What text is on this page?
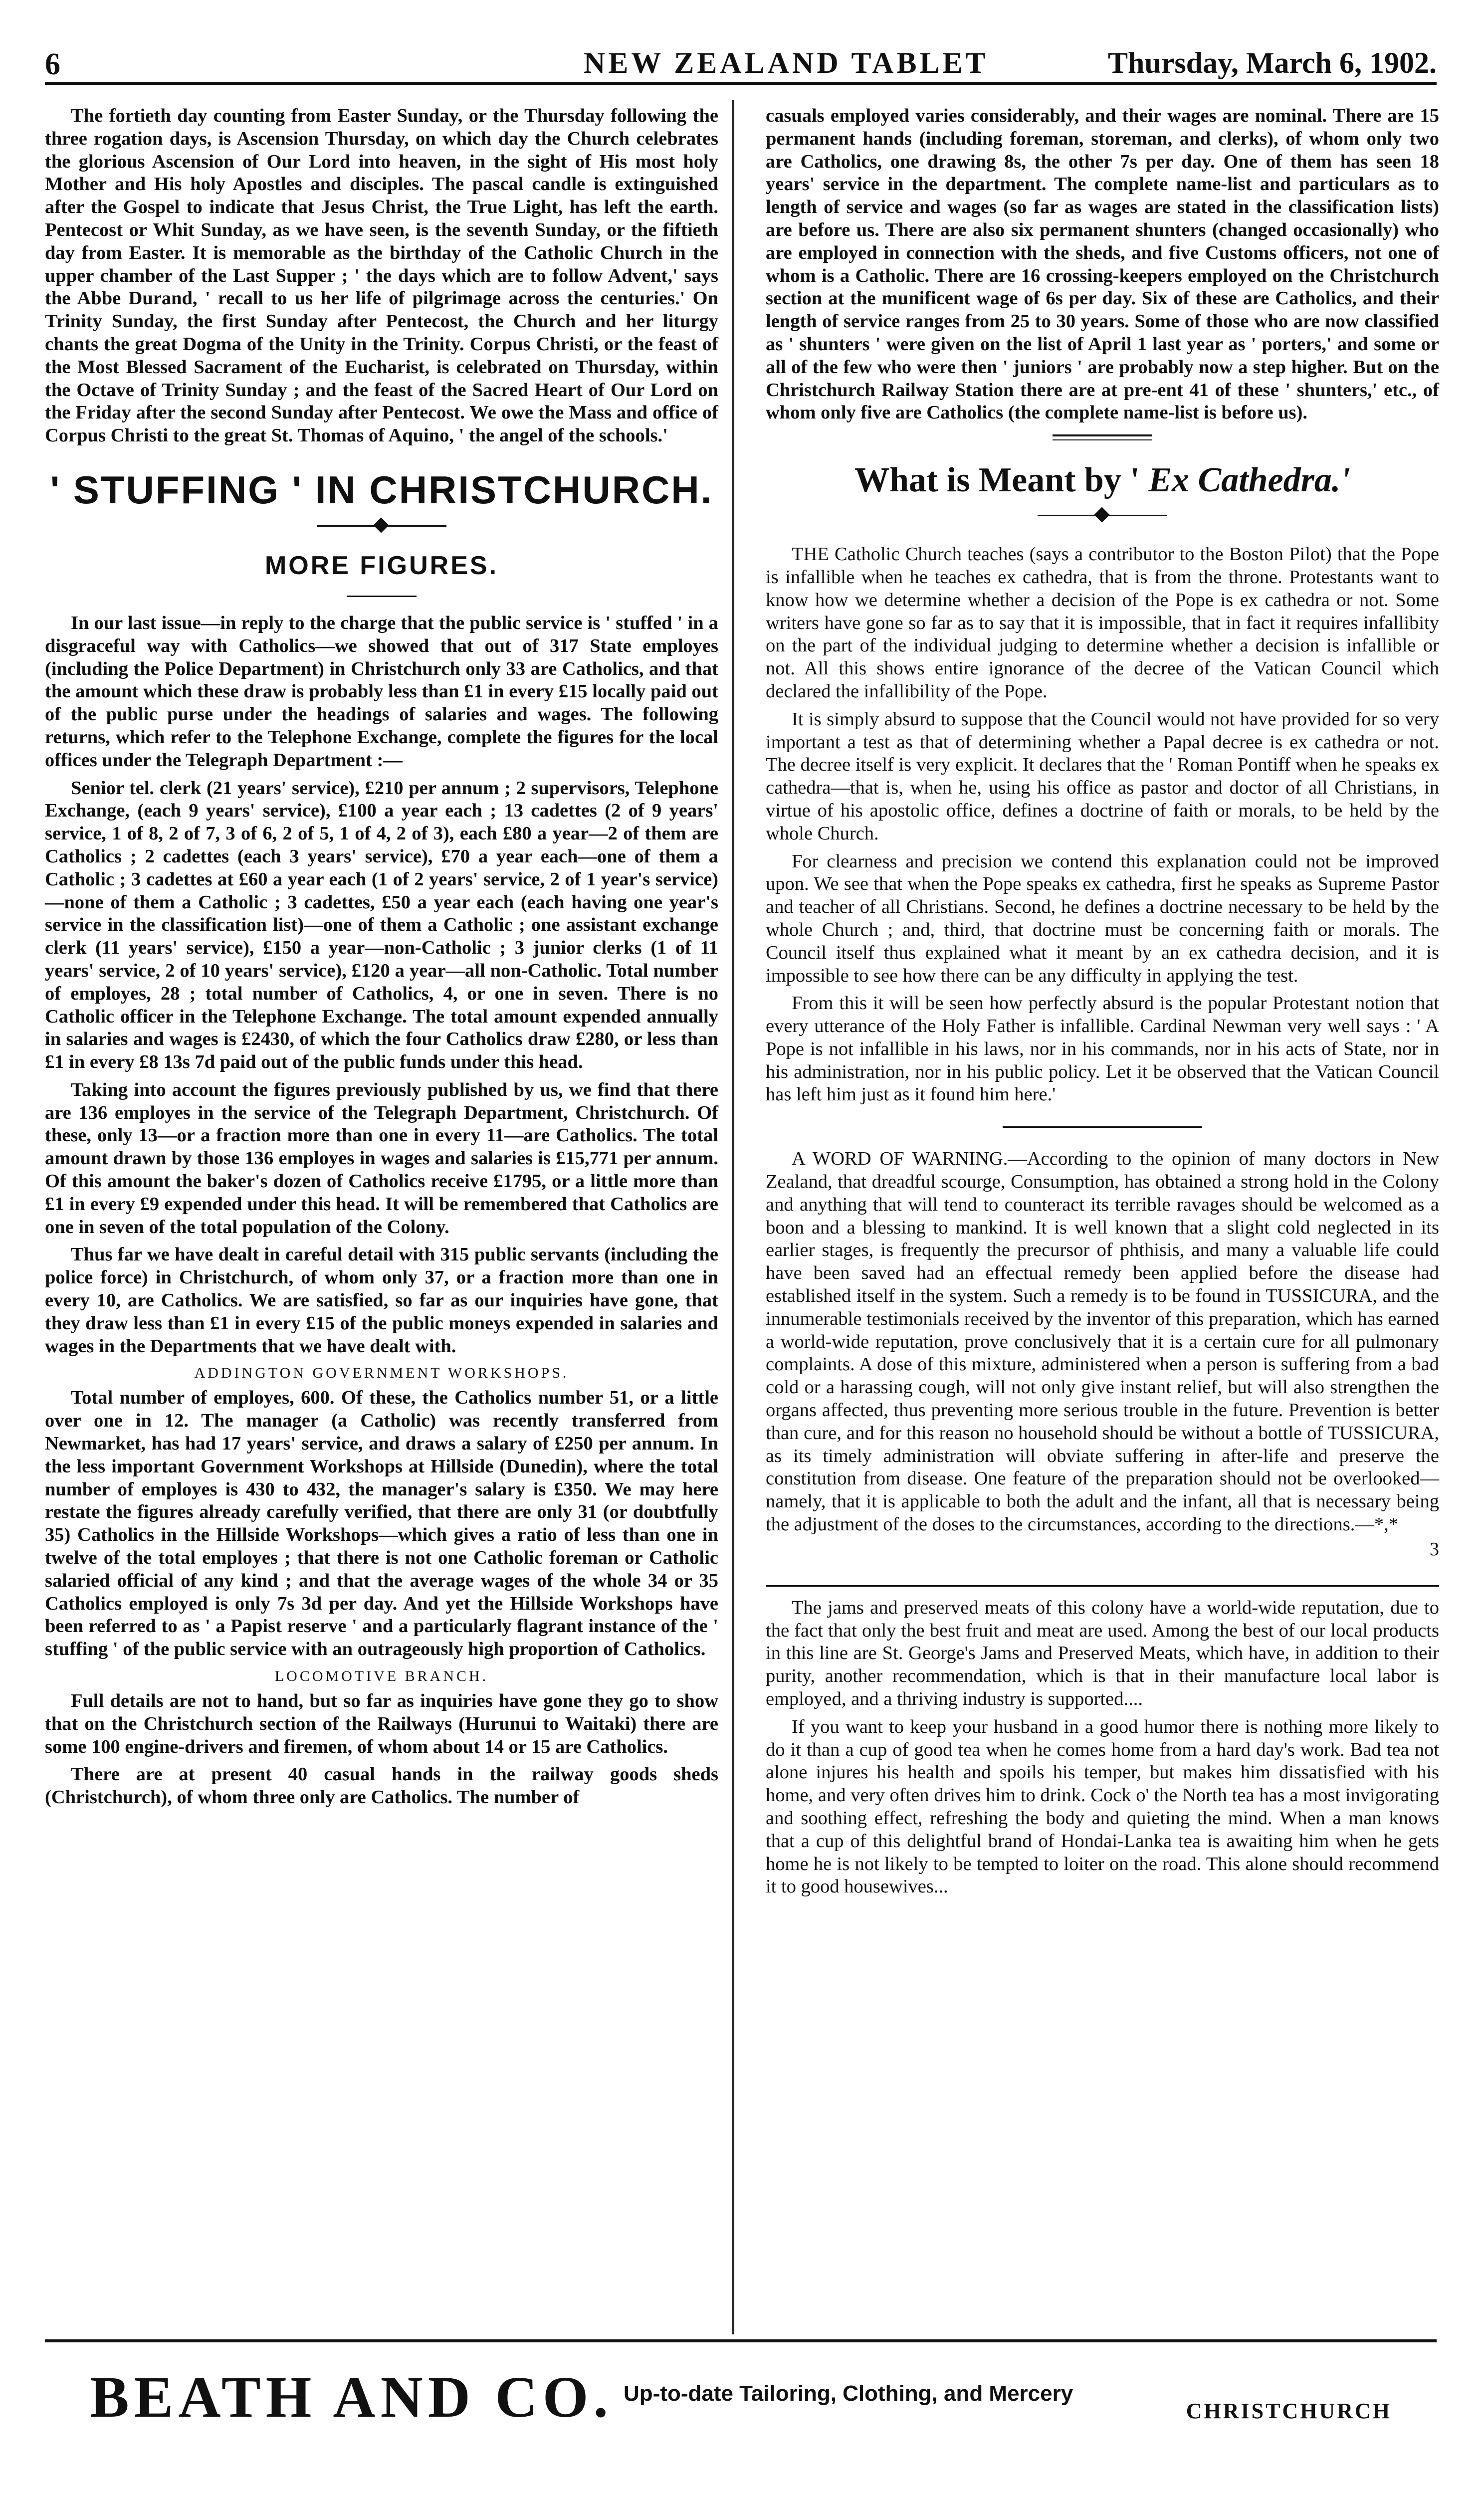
6	NEW ZEALAND TABLET	Thursday, March 6, 1902.

The fortieth day counting from Easter Sunday, or the Thursday following the three rogation days, is Ascension Thursday, on which day the Church celebrates the glorious Ascension of Our Lord into heaven, in the sight of His most holy Mother and His holy Apostles and disciples. The pascal candle is extinguished after the Gospel to indicate that Jesus Christ, the True Light, has left the earth. Pentecost or Whit Sunday, as we have seen, is the seventh Sunday, or the fiftieth day from Easter. It is memorable as the birthday of the Catholic Church in the upper chamber of the Last Supper ; ' the days which are to follow Advent,' says the Abbe Durand, ' recall to us her life of pilgrimage across the centuries.' On Trinity Sunday, the first Sunday after Pentecost, the Church and her liturgy chants the great Dogma of the Unity in the Trinity. Corpus Christi, or the feast of the Most Blessed Sacrament of the Eucharist, is celebrated on Thursday, within the Octave of Trinity Sunday ; and the feast of the Sacred Heart of Our Lord on the Friday after the second Sunday after Pentecost. We owe the Mass and office of Corpus Christi to the great St. Thomas of Aquino, ' the angel of the schools.'

' STUFFING ' IN CHRISTCHURCH.
MORE FIGURES.

In our last issue—in reply to the charge that the public service is ' stuffed ' in a disgraceful way with Catholics—we showed that out of 317 State employes (including the Police Department) in Christchurch only 33 are Catholics, and that the amount which these draw is probably less than £1 in every £15 locally paid out of the public purse under the headings of salaries and wages. The following returns, which refer to the Telephone Exchange, complete the figures for the local offices under the Telegraph Department :—

Senior tel. clerk (21 years' service), £210 per annum ; 2 supervisors, Telephone Exchange, (each 9 years' service), £100 a year each ; 13 cadettes (2 of 9 years' service, 1 of 8, 2 of 7, 3 of 6, 2 of 5, 1 of 4, 2 of 3), each £80 a year—2 of them are Catholics ; 2 cadettes (each 3 years' service), £70 a year each—one of them a Catholic ; 3 cadettes at £60 a year each (1 of 2 years' service, 2 of 1 year's service)—none of them a Catholic ; 3 cadettes, £50 a year each (each having one year's service in the classification list)—one of them a Catholic ; one assistant exchange clerk (11 years' service), £150 a year—non-Catholic ; 3 junior clerks (1 of 11 years' service, 2 of 10 years' service), £120 a year—all non-Catholic. Total number of employes, 28 ; total number of Catholics, 4, or one in seven. There is no Catholic officer in the Telephone Exchange. The total amount expended annually in salaries and wages is £2430, of which the four Catholics draw £280, or less than £1 in every £8 13s 7d paid out of the public funds under this head.

Taking into account the figures previously published by us, we find that there are 136 employes in the service of the Telegraph Department, Christchurch. Of these, only 13—or a fraction more than one in every 11—are Catholics. The total amount drawn by those 136 employes in wages and salaries is £15,771 per annum. Of this amount the baker's dozen of Catholics receive £1795, or a little more than £1 in every £9 expended under this head. It will be remembered that Catholics are one in seven of the total population of the Colony.

Thus far we have dealt in careful detail with 315 public servants (including the police force) in Christchurch, of whom only 37, or a fraction more than one in every 10, are Catholics. We are satisfied, so far as our inquiries have gone, that they draw less than £1 in every £15 of the public moneys expended in salaries and wages in the Departments that we have dealt with.

ADDINGTON GOVERNMENT WORKSHOPS.

Total number of employes, 600. Of these, the Catholics number 51, or a little over one in 12. The manager (a Catholic) was recently transferred from Newmarket, has had 17 years' service, and draws a salary of £250 per annum. In the less important Government Workshops at Hillside (Dunedin), where the total number of employes is 430 to 432, the manager's salary is £350. We may here restate the figures already carefully verified, that there are only 31 (or doubtfully 35) Catholics in the Hillside Workshops—which gives a ratio of less than one in twelve of the total employes ; that there is not one Catholic foreman or Catholic salaried official of any kind ; and that the average wages of the whole 34 or 35 Catholics employed is only 7s 3d per day. And yet the Hillside Workshops have been referred to as ' a Papist reserve ' and a particularly flagrant instance of the ' stuffing ' of the public service with an outrageously high proportion of Catholics.

LOCOMOTIVE BRANCH.

Full details are not to hand, but so far as inquiries have gone they go to show that on the Christchurch section of the Railways (Hurunui to Waitaki) there are some 100 engine-drivers and firemen, of whom about 14 or 15 are Catholics.

There are at present 40 casual hands in the railway goods sheds (Christchurch), of whom three only are Catholics. The number of

casuals employed varies considerably, and their wages are nominal. There are 15 permanent hands (including foreman, storeman, and clerks), of whom only two are Catholics, one drawing 8s, the other 7s per day. One of them has seen 18 years' service in the department. The complete name-list and particulars as to length of service and wages (so far as wages are stated in the classification lists) are before us. There are also six permanent shunters (changed occasionally) who are employed in connection with the sheds, and five Customs officers, not one of whom is a Catholic. There are 16 crossing-keepers employed on the Christchurch section at the munificent wage of 6s per day. Six of these are Catholics, and their length of service ranges from 25 to 30 years. Some of those who are now classified as ' shunters ' were given on the list of April 1 last year as ' porters,' and some or all of the few who were then ' juniors ' are probably now a step higher. But on the Christchurch Railway Station there are at pre-ent 41 of these ' shunters,' etc., of whom only five are Catholics (the complete name-list is before us).

What is Meant by ' Ex Cathedra.'

THE Catholic Church teaches (says a contributor to the Boston Pilot) that the Pope is infallible when he teaches ex cathedra, that is from the throne. Protestants want to know how we determine whether a decision of the Pope is ex cathedra or not. Some writers have gone so far as to say that it is impossible, that in fact it requires infallibity on the part of the individual judging to determine whether a decision is infallible or not. All this shows entire ignorance of the decree of the Vatican Council which declared the infallibility of the Pope.

It is simply absurd to suppose that the Council would not have provided for so very important a test as that of determining whether a Papal decree is ex cathedra or not. The decree itself is very explicit. It declares that the ' Roman Pontiff when he speaks ex cathedra—that is, when he, using his office as pastor and doctor of all Christians, in virtue of his apostolic office, defines a doctrine of faith or morals, to be held by the whole Church.

For clearness and precision we contend this explanation could not be improved upon. We see that when the Pope speaks ex cathedra, first he speaks as Supreme Pastor and teacher of all Christians. Second, he defines a doctrine necessary to be held by the whole Church ; and, third, that doctrine must be concerning faith or morals. The Council itself thus explained what it meant by an ex cathedra decision, and it is impossible to see how there can be any difficulty in applying the test.

From this it will be seen how perfectly absurd is the popular Protestant notion that every utterance of the Holy Father is infallible. Cardinal Newman very well says : ' A Pope is not infallible in his laws, nor in his commands, nor in his acts of State, nor in his administration, nor in his public policy. Let it be observed that the Vatican Council has left him just as it found him here.'

A WORD OF WARNING.—According to the opinion of many doctors in New Zealand, that dreadful scourge, Consumption, has obtained a strong hold in the Colony and anything that will tend to counteract its terrible ravages should be welcomed as a boon and a blessing to mankind. It is well known that a slight cold neglected in its earlier stages, is frequently the precursor of phthisis, and many a valuable life could have been saved had an effectual remedy been applied before the disease had established itself in the system. Such a remedy is to be found in TUSSICURA, and the innumerable testimonials received by the inventor of this preparation, which has earned a world-wide reputation, prove conclusively that it is a certain cure for all pulmonary complaints. A dose of this mixture, administered when a person is suffering from a bad cold or a harassing cough, will not only give instant relief, but will also strengthen the organs affected, thus preventing more serious trouble in the future. Prevention is better than cure, and for this reason no household should be without a bottle of TUSSICURA, as its timely administration will obviate suffering in after-life and preserve the constitution from disease. One feature of the preparation should not be overlooked—namely, that it is applicable to both the adult and the infant, all that is necessary being the adjustment of the doses to the circumstances, according to the directions.—*,*

3

The jams and preserved meats of this colony have a world-wide reputation, due to the fact that only the best fruit and meat are used. Among the best of our local products in this line are St. George's Jams and Preserved Meats, which have, in addition to their purity, another recommendation, which is that in their manufacture local labor is employed, and a thriving industry is supported....

If you want to keep your husband in a good humor there is nothing more likely to do it than a cup of good tea when he comes home from a hard day's work. Bad tea not alone injures his health and spoils his temper, but makes him dissatisfied with his home, and very often drives him to drink. Cock o' the North tea has a most invigorating and soothing effect, refreshing the body and quieting the mind. When a man knows that a cup of this delightful brand of Hondai-Lanka tea is awaiting him when he gets home he is not likely to be tempted to loiter on the road. This alone should recommend it to good housewives...

BEATH AND CO. Up-to-date Tailoring, Clothing, and Mercery
CHRISTCHURCH
